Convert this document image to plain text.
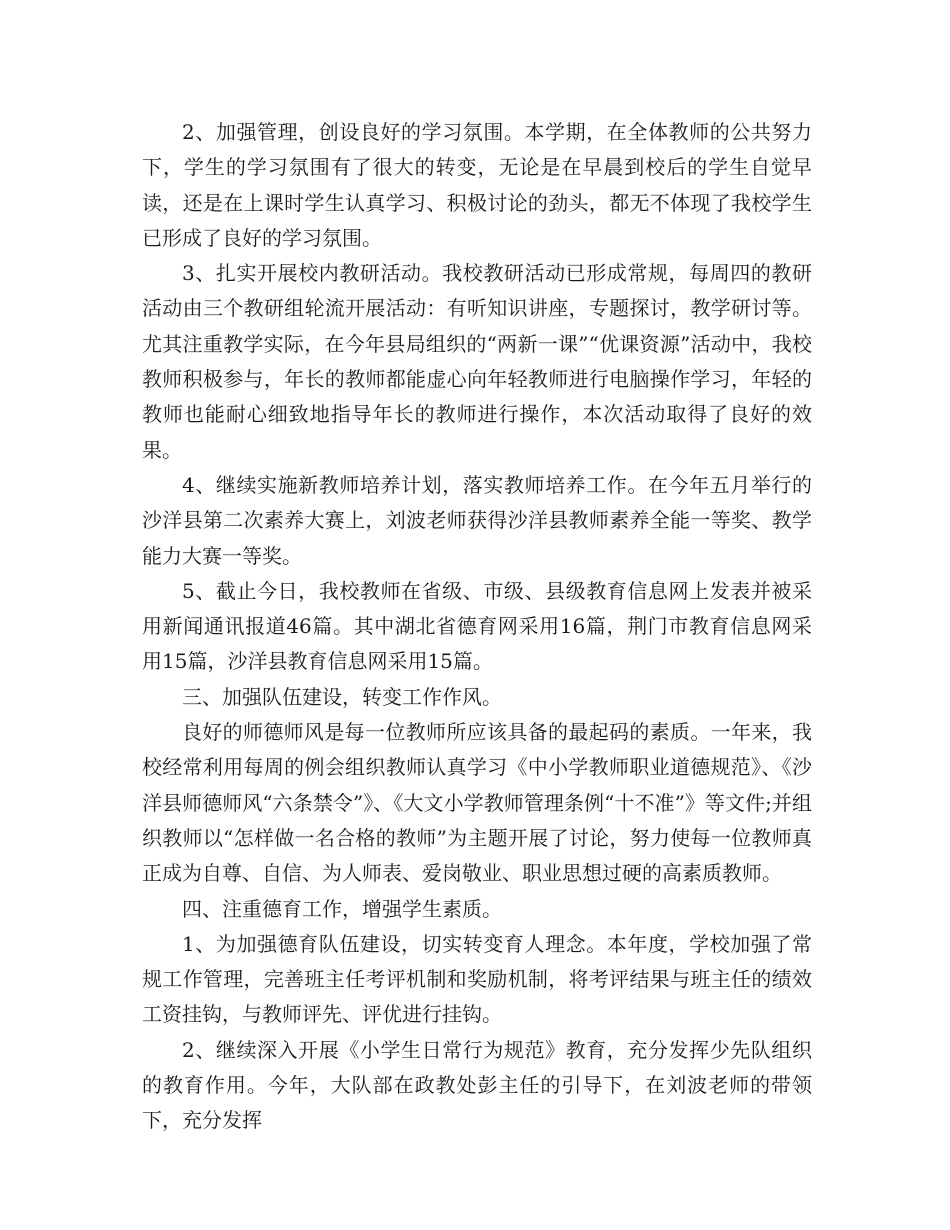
2、加强管理，创设良好的学习氛围。本学期，在全体教师的公共努力下，学生的学习氛围有了很大的转变，无论是在早晨到校后的学生自觉早读，还是在上课时学生认真学习、积极讨论的劲头，都无不体现了我校学生已形成了良好的学习氛围。

3、扎实开展校内教研活动。我校教研活动已形成常规，每周四的教研活动由三个教研组轮流开展活动：有听知识讲座，专题探讨，教学研讨等。尤其注重教学实际，在今年县局组织的“两新一课”“优课资源”活动中，我校教师积极参与，年长的教师都能虚心向年轻教师进行电脑操作学习，年轻的教师也能耐心细致地指导年长的教师进行操作，本次活动取得了良好的效果。

4、继续实施新教师培养计划，落实教师培养工作。在今年五月举行的沙洋县第二次素养大赛上，刘波老师获得沙洋县教师素养全能一等奖、教学能力大赛一等奖。

5、截止今日，我校教师在省级、市级、县级教育信息网上发表并被采用新闻通讯报道46篇。其中湖北省德育网采用16篇，荆门市教育信息网采用15篇，沙洋县教育信息网采用15篇。

三、加强队伍建设，转变工作作风。

良好的师德师风是每一位教师所应该具备的最起码的素质。一年来，我校经常利用每周的例会组织教师认真学习《中小学教师职业道德规范》、《沙洋县师德师风“六条禁令”》、《大文小学教师管理条例“十不准”》等文件;并组织教师以“怎样做一名合格的教师”为主题开展了讨论，努力使每一位教师真正成为自尊、自信、为人师表、爱岗敬业、职业思想过硬的高素质教师。

四、注重德育工作，增强学生素质。

1、为加强德育队伍建设，切实转变育人理念。本年度，学校加强了常规工作管理，完善班主任考评机制和奖励机制，将考评结果与班主任的绩效工资挂钩，与教师评先、评优进行挂钩。

2、继续深入开展《小学生日常行为规范》教育，充分发挥少先队组织的教育作用。今年，大队部在政教处彭主任的引导下，在刘波老师的带领下，充分发挥
